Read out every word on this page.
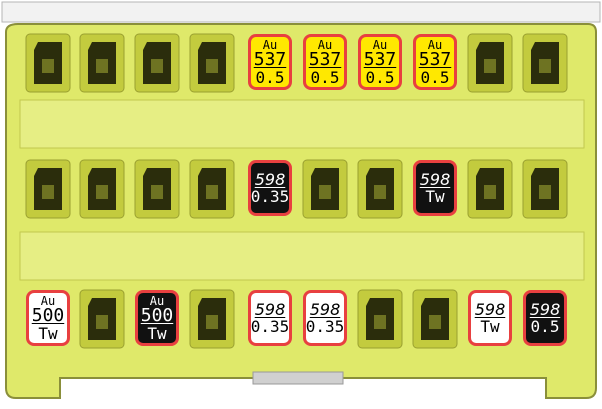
Au
537
0.5
Au
537
0.5
Au
537
0.5
Au
537
0.5
598
0.35
598
Tw
Au
500
Tw
Au
500
Tw
598
0.35
598
0.35
598
Tw
598
0.5
